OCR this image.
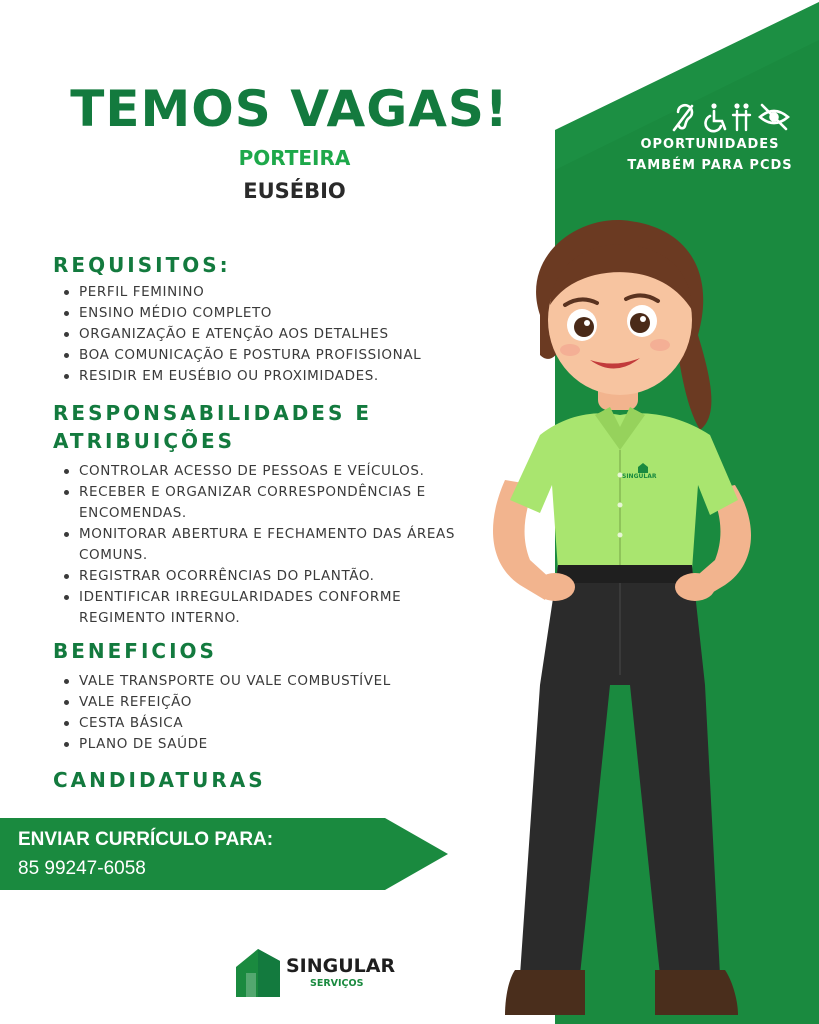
TEMOS VAGAS!
PORTEIRA
EUSÉBIO
OPORTUNIDADES
TAMBÉM PARA PCDS
REQUISITOS:
PERFIL FEMININO
ENSINO MÉDIO COMPLETO
ORGANIZAÇÃO E ATENÇÃO AOS DETALHES
BOA COMUNICAÇÃO E POSTURA PROFISSIONAL
RESIDIR EM EUSÉBIO OU PROXIMIDADES.
RESPONSABILIDADES E
ATRIBUIÇÕES
CONTROLAR ACESSO DE PESSOAS E VEÍCULOS.
RECEBER E ORGANIZAR CORRESPONDÊNCIAS E ENCOMENDAS.
MONITORAR ABERTURA E FECHAMENTO DAS ÁREAS COMUNS.
REGISTRAR OCORRÊNCIAS DO PLANTÃO.
IDENTIFICAR IRREGULARIDADES CONFORME REGIMENTO INTERNO.
BENEFICIOS
VALE TRANSPORTE OU VALE COMBUSTÍVEL
VALE REFEIÇÃO
CESTA BÁSICA
PLANO DE SAÚDE
CANDIDATURAS
ENVIAR CURRÍCULO PARA:
85 99247-6058
SINGULAR
SERVIÇOS
SINGULAR
